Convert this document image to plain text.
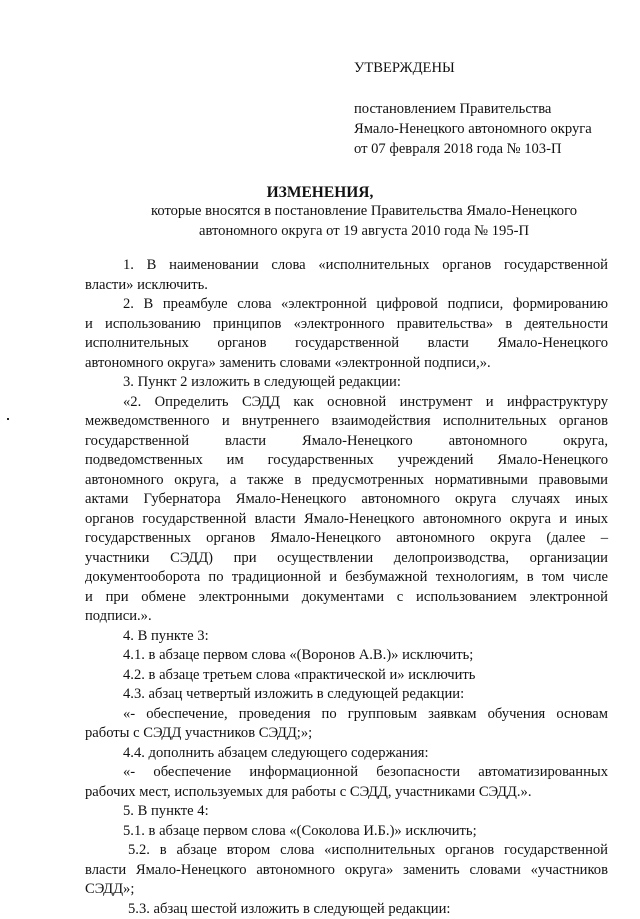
УТВЕРЖДЕНЫ
постановлением Правительства
Ямало-Ненецкого автономного округа
от 07 февраля 2018 года № 103-П
ИЗМЕНЕНИЯ,
которые вносятся в постановление Правительства Ямало-Ненецкого
автономного округа от 19 августа 2010 года № 195-П
1. В наименовании слова «исполнительных органов государственной
власти» исключить.
2. В преамбуле слова «электронной цифровой подписи, формированию
и использованию принципов «электронного правительства» в деятельности
исполнительных органов государственной власти Ямало-Ненецкого
автономного округа» заменить словами «электронной подписи,».
3. Пункт 2 изложить в следующей редакции:
«2. Определить СЭДД как основной инструмент и инфраструктуру
межведомственного и внутреннего взаимодействия исполнительных органов
государственной власти Ямало-Ненецкого автономного округа,
подведомственных им государственных учреждений Ямало-Ненецкого
автономного округа, а также в предусмотренных нормативными правовыми
актами Губернатора Ямало-Ненецкого автономного округа случаях иных
органов государственной власти Ямало-Ненецкого автономного округа и иных
государственных органов Ямало-Ненецкого автономного округа (далее –
участники СЭДД) при осуществлении делопроизводства, организации
документооборота по традиционной и безбумажной технологиям, в том числе
и при обмене электронными документами с использованием электронной
подписи.».
4. В пункте 3:
4.1. в абзаце первом слова «(Воронов А.В.)» исключить;
4.2. в абзаце третьем слова «практической и» исключить
4.3. абзац четвертый изложить в следующей редакции:
«- обеспечение, проведения по групповым заявкам обучения основам
работы с СЭДД участников СЭДД;»;
4.4. дополнить абзацем следующего содержания:
«- обеспечение информационной безопасности автоматизированных
рабочих мест, используемых для работы с СЭДД, участниками СЭДД.».
5. В пункте 4:
5.1. в абзаце первом слова «(Соколова И.Б.)» исключить;
5.2. в абзаце втором слова «исполнительных органов государственной
власти Ямало-Ненецкого автономного округа» заменить словами «участников
СЭДД»;
5.3. абзац шестой изложить в следующей редакции:
